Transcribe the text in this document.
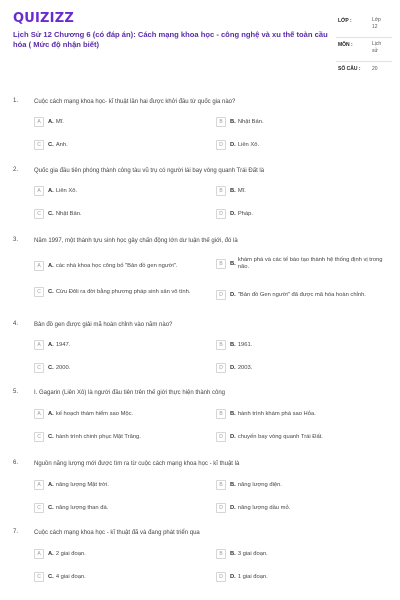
QUIZIZZ
Lịch Sử 12 Chương 6 (có đáp án): Cách mạng khoa học - công nghệ và xu thế toàn cầu hóa ( Mức độ nhận biết)
LỚP :	Lớp 12
MÔN :	Lịch sử
SỐ CÂU : 20
1.	Cuộc cách mạng khoa học- kĩ thuật lần hai được khởi đầu từ quốc gia nào?
A	A. Mĩ.	B	B. Nhật Bản.
C	C. Anh.	D	D. Liên Xô.
2.	Quốc gia đầu tiên phóng thành công tàu vũ trụ có người lái bay vòng quanh Trái Đất là
A	A. Liên Xô.	B	B. Mĩ.
C	C. Nhật Bản.	D	D. Pháp.
3.	Năm 1997, một thành tựu sinh học gây chấn động lớn dư luận thế giới, đó là
A	A. các nhà khoa học công bố "Bản đồ gen người".	B	B.
khám phá và các tế bào tạo thành hệ thống định vị trong não.
C	C. Cừu Đôli ra đời bằng phương pháp sinh sản vô tính.
D	D. "Bản đồ Gen người" đã được mã hóa hoàn chỉnh.
4.	Bản đồ gen được giải mã hoàn chỉnh vào năm nào?
A	A. 1947.	B	B. 1961.
C	C. 2000.	D	D. 2003.
5.	I. Gagarin (Liên Xô) là người đầu tiên trên thế giới thực hiện thành công
A	A. kế hoạch thám hiểm sao Mộc.	B	B. hành trình khám phá sao Hỏa.
C	C. hành trình chinh phục Mặt Trăng.	D	D. chuyến bay vòng quanh Trái Đất.
6.	Nguồn năng lượng mới được tìm ra từ cuộc cách mạng khoa học - kĩ thuật là
A	A. năng lượng Mặt trời.	B	B. năng lượng điện.
C	C. năng lượng than đá.	D	D. năng lượng dầu mỏ.
7.	Cuộc cách mạng khoa học - kĩ thuật đã và đang phát triển qua
A	A. 2 giai đoạn.	B	B. 3 giai đoạn.
C	C. 4 giai đoạn.	D	D. 1 giai đoạn.
